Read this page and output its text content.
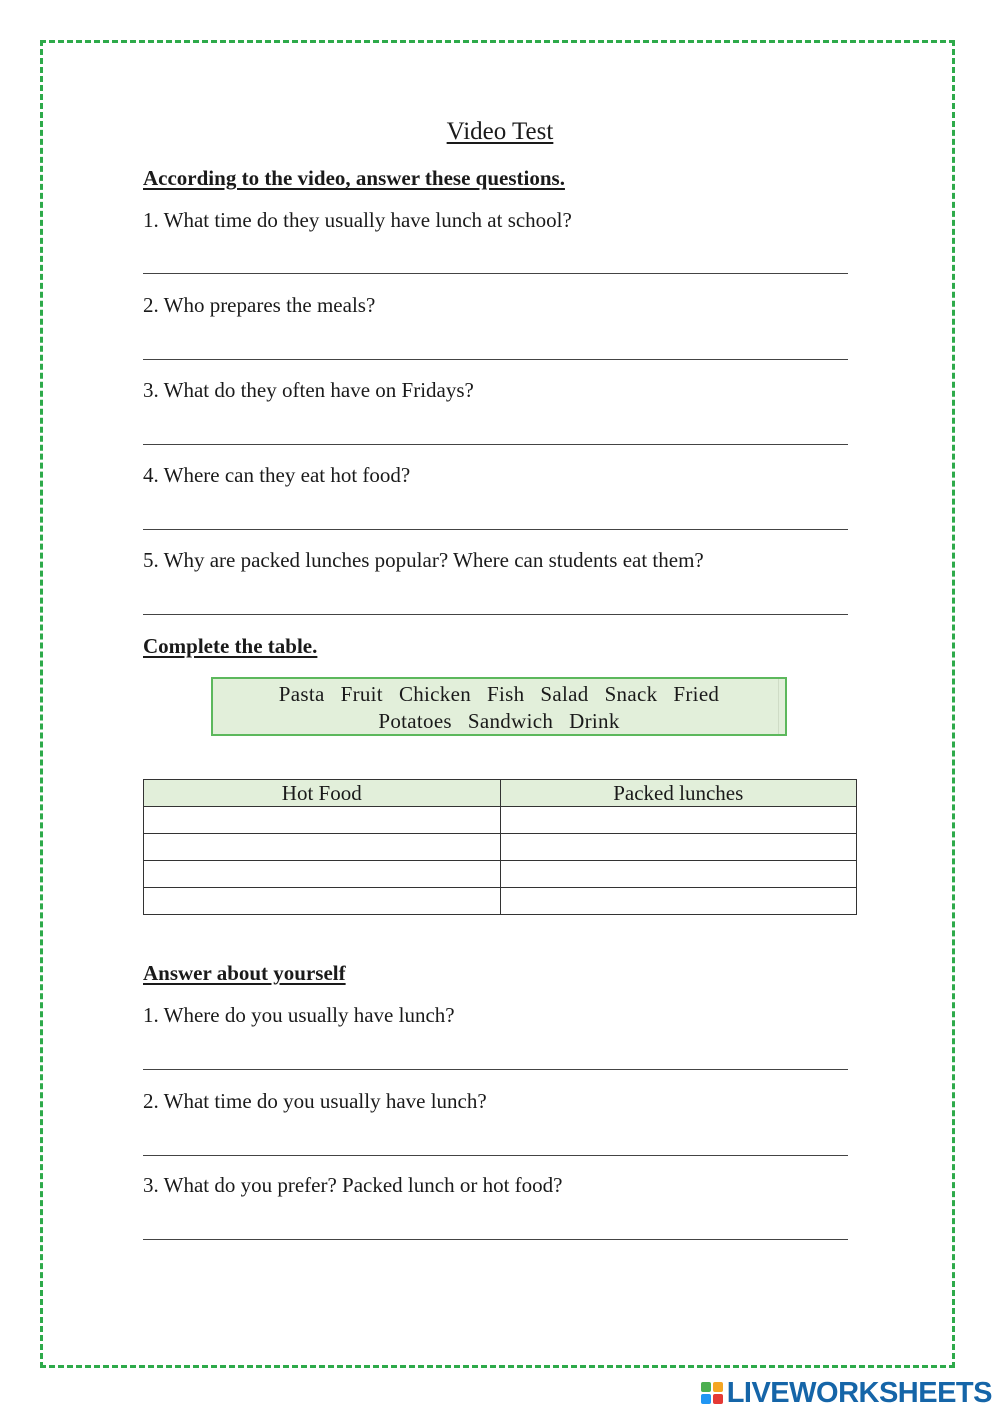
Video Test
According to the video, answer these questions.
1. What time do they usually have lunch at school?
2. Who prepares the meals?
3. What do they often have on Fridays?
4. Where can they eat hot food?
5. Why are packed lunches popular? Where can students eat them?
Complete the table.
Pasta Fruit Chicken Fish Salad Snack Fried
Potatoes Sandwich Drink
Hot Food	Packed lunches

Answer about yourself
1. Where do you usually have lunch?
2. What time do you usually have lunch?
3. What do you prefer? Packed lunch or hot food?
LIVEWORKSHEETS
